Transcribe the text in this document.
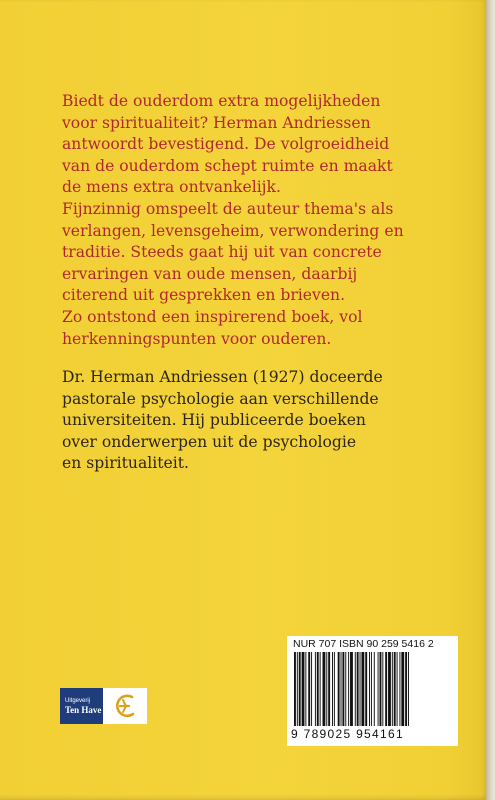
Biedt de ouderdom extra mogelijkheden
voor spiritualiteit? Herman Andriessen
antwoordt bevestigend. De volgroeidheid
van de ouderdom schept ruimte en maakt
de mens extra ontvankelijk.
Fijnzinnig omspeelt de auteur thema's als
verlangen, levensgeheim, verwondering en
traditie. Steeds gaat hij uit van concrete
ervaringen van oude mensen, daarbij
citerend uit gesprekken en brieven.
Zo ontstond een inspirerend boek, vol
herkenningspunten voor ouderen.

Dr. Herman Andriessen (1927) doceerde
pastorale psychologie aan verschillende
universiteiten. Hij publiceerde boeken
over onderwerpen uit de psychologie
en spiritualiteit.

Uitgeverij
Ten Have
NUR 707 ISBN 90 259 5416 2
9 789025 954161
